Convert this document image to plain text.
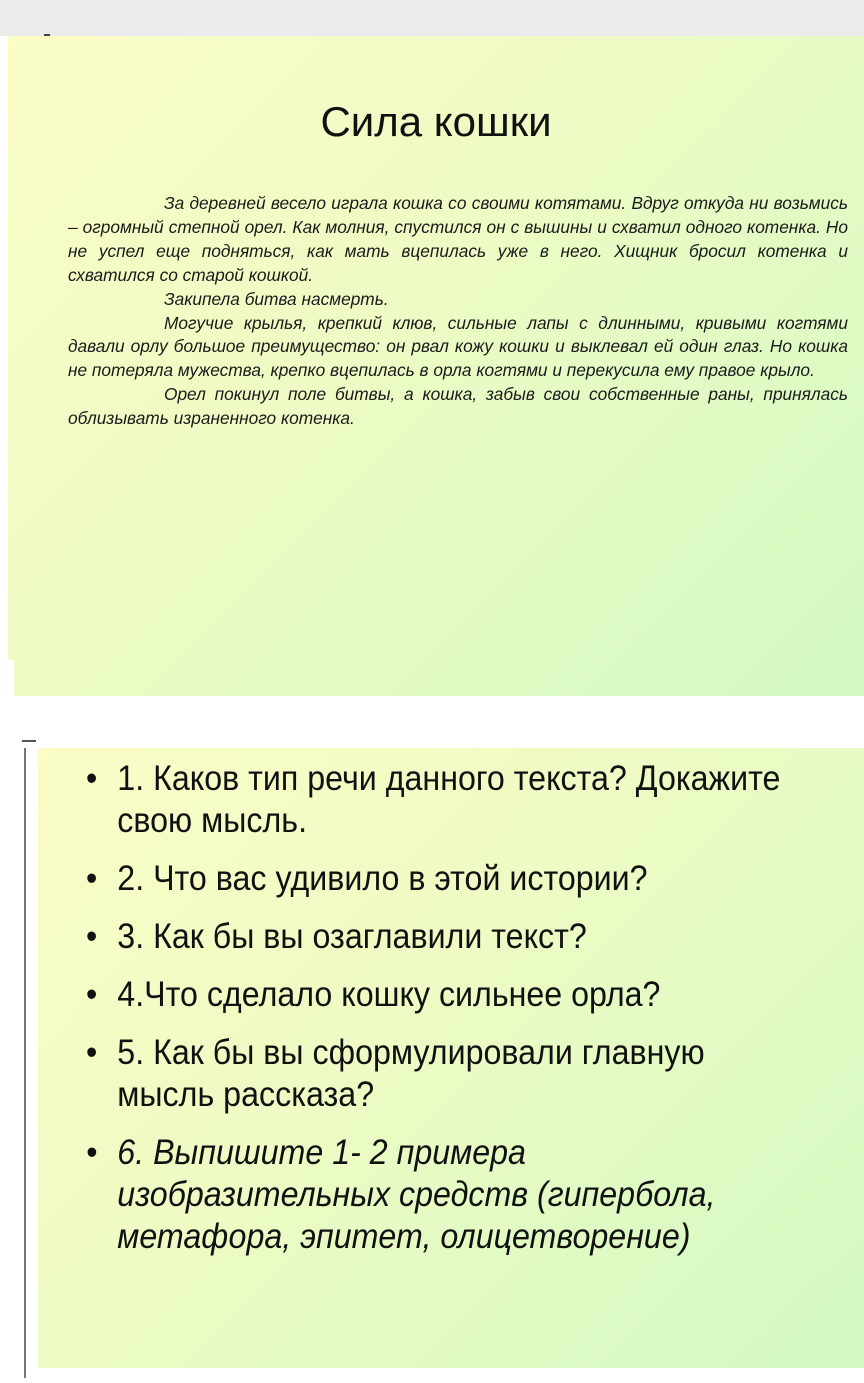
Сила кошки

За деревней весело играла кошка со своими котятами. Вдруг откуда ни возьмись – огромный степной орел. Как молния, спустился он с вышины и схватил одного котенка. Но не успел еще подняться, как мать вцепилась уже в него. Хищник бросил котенка и схватился со старой кошкой.

Закипела битва насмерть.

Могучие крылья, крепкий клюв, сильные лапы с длинными, кривыми когтями давали орлу большое преимущество: он рвал кожу кошки и выклевал ей один глаз. Но кошка не потеряла мужества, крепко вцепилась в орла когтями и перекусила ему правое крыло.

Орел покинул поле битвы, а кошка, забыв свои собственные раны, принялась облизывать израненного котенка.

• 1. Каков тип речи данного текста? Докажите свою мысль.
• 2. Что вас удивило в этой истории?
• 3. Как бы вы озаглавили текст?
• 4.Что сделало кошку сильнее орла?
• 5. Как бы вы сформулировали главную мысль рассказа?
• 6. Выпишите 1- 2 примера изобразительных средств (гипербола, метафора, эпитет, олицетворение)
